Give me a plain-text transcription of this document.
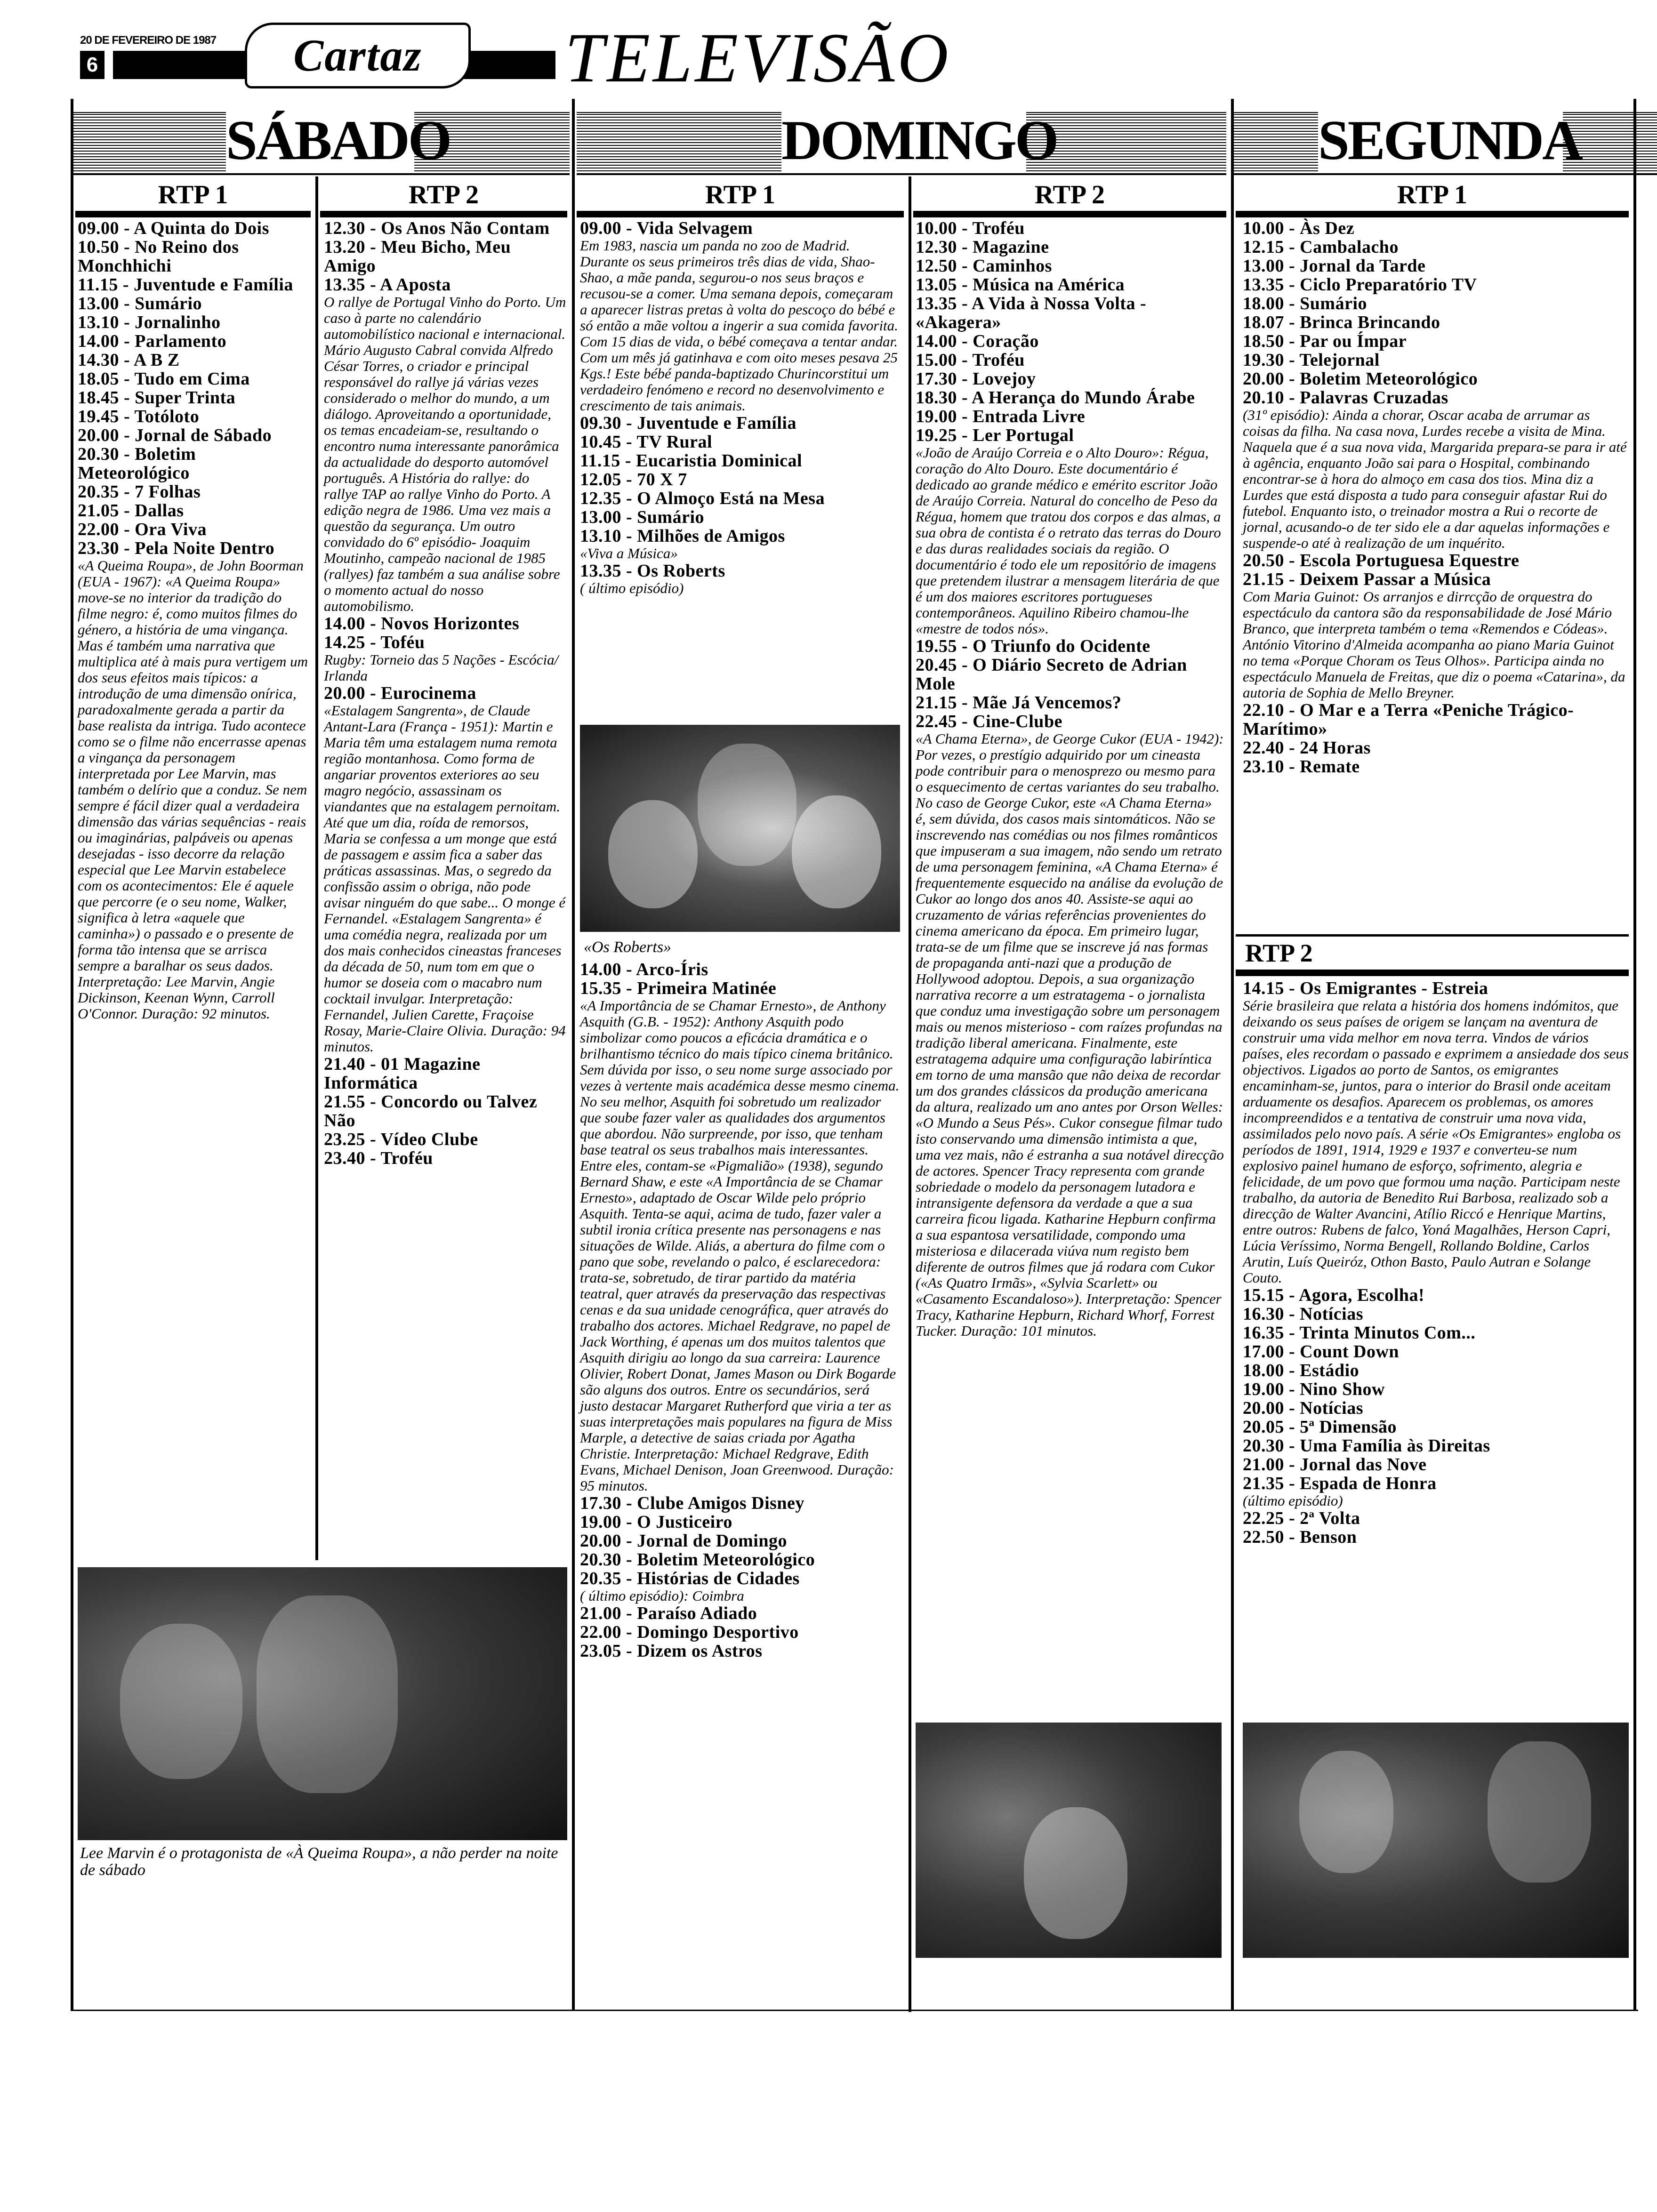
20 DE FEVEREIRO DE 1987
6	Cartaz	TELEVISÃO
SÁBADO	DOMINGO	SEGUNDA
RTP 1	RTP 2	RTP 1	RTP 2	RTP 1

09.00 - A Quinta do Dois

10.50 - No Reino dos Monchhichi

11.15 - Juventude e Família

13.00 - Sumário

13.10 - Jornalinho

14.00 - Parlamento

14.30 - A B Z

18.05 - Tudo em Cima

18.45 - Super Trinta

19.45 - Totóloto

20.00 - Jornal de Sábado

20.30 - Boletim Meteorológico

20.35 - 7 Folhas

21.05 - Dallas

22.00 - Ora Viva

23.30 - Pela Noite Dentro

«A Queima Roupa», de John Boorman (EUA - 1967): «A Queima Roupa» move-se no interior da tradição do filme negro: é, como muitos filmes do género, a história de uma vingança. Mas é também uma narrativa que multiplica até à mais pura vertigem um dos seus efeitos mais típicos: a introdução de uma dimensão onírica, paradoxalmente gerada a partir da base realista da intriga. Tudo acontece como se o filme não encerrasse apenas a vingança da personagem interpretada por Lee Marvin, mas também o delírio que a conduz. Se nem sempre é fácil dizer qual a verdadeira dimensão das várias sequências - reais ou imaginárias, palpáveis ou apenas desejadas - isso decorre da relação especial que Lee Marvin estabelece com os acontecimentos: Ele é aquele que percorre (e o seu nome, Walker, significa à letra «aquele que caminha») o passado e o presente de forma tão intensa que se arrisca sempre a baralhar os seus dados. Interpretação: Lee Marvin, Angie Dickinson, Keenan Wynn, Carroll O'Connor. Duração: 92 minutos.

12.30 - Os Anos Não Contam

13.20 - Meu Bicho, Meu Amigo

13.35 - A Aposta

O rallye de Portugal Vinho do Porto. Um caso à parte no calendário automobilístico nacional e internacional. Mário Augusto Cabral convida Alfredo César Torres, o criador e principal responsável do rallye já várias vezes considerado o melhor do mundo, a um diálogo. Aproveitando a oportunidade, os temas encadeiam-se, resultando o encontro numa interessante panorâmica da actualidade do desporto automóvel português. A História do rallye: do rallye TAP ao rallye Vinho do Porto. A edição negra de 1986. Uma vez mais a questão da segurança. Um outro convidado do 6º episódio- Joaquim Moutinho, campeão nacional de 1985 (rallyes) faz também a sua análise sobre o momento actual do nosso automobilismo.

14.00 - Novos Horizontes

14.25 - Toféu

Rugby: Torneio das 5 Nações - Escócia/ Irlanda

20.00 - Eurocinema

«Estalagem Sangrenta», de Claude Antant-Lara (França - 1951): Martin e Maria têm uma estalagem numa remota região montanhosa. Como forma de angariar proventos exteriores ao seu magro negócio, assassinam os viandantes que na estalagem pernoitam. Até que um dia, roída de remorsos, Maria se confessa a um monge que está de passagem e assim fica a saber das práticas assassinas. Mas, o segredo da confissão assim o obriga, não pode avisar ninguém do que sabe... O monge é Fernandel. «Estalagem Sangrenta» é uma comédia negra, realizada por um dos mais conhecidos cineastas franceses da década de 50, num tom em que o humor se doseia com o macabro num cocktail invulgar. Interpretação: Fernandel, Julien Carette, Fraçoise Rosay, Marie-Claire Olivia. Duração: 94 minutos.

21.40 - 01 Magazine Informática

21.55 - Concordo ou Talvez Não

23.25 - Vídeo Clube

23.40 - Troféu

Lee Marvin é o protagonista de «À Queima Roupa», a não perder na noite de sábado

09.00 - Vida Selvagem

Em 1983, nascia um panda no zoo de Madrid. Durante os seus primeiros três dias de vida, Shao-Shao, a mãe panda, segurou-o nos seus braços e recusou-se a comer. Uma semana depois, começaram a aparecer listras pretas à volta do pescoço do bébé e só então a mãe voltou a ingerir a sua comida favorita. Com 15 dias de vida, o bébé começava a tentar andar. Com um mês já gatinhava e com oito meses pesava 25 Kgs.! Este bébé panda-baptizado Churincorstitui um verdadeiro fenómeno e record no desenvolvimento e crescimento de tais animais.

09.30 - Juventude e Família

10.45 - TV Rural

11.15 - Eucaristia Dominical

12.05 - 70 X 7

12.35 - O Almoço Está na Mesa

13.00 - Sumário

13.10 - Milhões de Amigos

«Viva a Música»

13.35 - Os Roberts

( último episódio)

«Os Roberts»

14.00 - Arco-Íris

15.35 - Primeira Matinée

«A Importância de se Chamar Ernesto», de Anthony Asquith (G.B. - 1952): Anthony Asquith podo simbolizar como poucos a eficácia dramática e o brilhantismo técnico do mais típico cinema britânico. Sem dúvida por isso, o seu nome surge associado por vezes à vertente mais académica desse mesmo cinema. No seu melhor, Asquith foi sobretudo um realizador que soube fazer valer as qualidades dos argumentos que abordou. Não surpreende, por isso, que tenham base teatral os seus trabalhos mais interessantes. Entre eles, contam-se «Pigmalião» (1938), segundo Bernard Shaw, e este «A Importância de se Chamar Ernesto», adaptado de Oscar Wilde pelo próprio Asquith. Tenta-se aqui, acima de tudo, fazer valer a subtil ironia crítica presente nas personagens e nas situações de Wilde. Aliás, a abertura do filme com o pano que sobe, revelando o palco, é esclarecedora: trata-se, sobretudo, de tirar partido da matéria teatral, quer através da preservação das respectivas cenas e da sua unidade cenográfica, quer através do trabalho dos actores. Michael Redgrave, no papel de Jack Worthing, é apenas um dos muitos talentos que Asquith dirigiu ao longo da sua carreira: Laurence Olivier, Robert Donat, James Mason ou Dirk Bogarde são alguns dos outros. Entre os secundários, será justo destacar Margaret Rutherford que viria a ter as suas interpretações mais populares na figura de Miss Marple, a detective de saias criada por Agatha Christie. Interpretação: Michael Redgrave, Edith Evans, Michael Denison, Joan Greenwood. Duração: 95 minutos.

17.30 - Clube Amigos Disney

19.00 - O Justiceiro

20.00 - Jornal de Domingo

20.30 - Boletim Meteorológico

20.35 - Histórias de Cidades

( último episódio): Coimbra

21.00 - Paraíso Adiado

22.00 - Domingo Desportivo

23.05 - Dizem os Astros

10.00 - Troféu

12.30 - Magazine

12.50 - Caminhos

13.05 - Música na América

13.35 - A Vida à Nossa Volta - «Akagera»

14.00 - Coração

15.00 - Troféu

17.30 - Lovejoy

18.30 - A Herança do Mundo Árabe

19.00 - Entrada Livre

19.25 - Ler Portugal

«João de Araújo Correia e o Alto Douro»: Régua, coração do Alto Douro. Este documentário é dedicado ao grande médico e emérito escritor João de Araújo Correia. Natural do concelho de Peso da Régua, homem que tratou dos corpos e das almas, a sua obra de contista é o retrato das terras do Douro e das duras realidades sociais da região. O documentário é todo ele um repositório de imagens que pretendem ilustrar a mensagem literária de que é um dos maiores escritores portugueses contemporâneos. Aquilino Ribeiro chamou-lhe «mestre de todos nós».

19.55 - O Triunfo do Ocidente

20.45 - O Diário Secreto de Adrian Mole

21.15 - Mãe Já Vencemos?

22.45 - Cine-Clube

«A Chama Eterna», de George Cukor (EUA - 1942): Por vezes, o prestígio adquirido por um cineasta pode contribuir para o menosprezo ou mesmo para o esquecimento de certas variantes do seu trabalho. No caso de George Cukor, este «A Chama Eterna» é, sem dúvida, dos casos mais sintomáticos. Não se inscrevendo nas comédias ou nos filmes românticos que impuseram a sua imagem, não sendo um retrato de uma personagem feminina, «A Chama Eterna» é frequentemente esquecido na análise da evolução de Cukor ao longo dos anos 40. Assiste-se aqui ao cruzamento de várias referências provenientes do cinema americano da época. Em primeiro lugar, trata-se de um filme que se inscreve já nas formas de propaganda anti-nazi que a produção de Hollywood adoptou. Depois, a sua organização narrativa recorre a um estratagema - o jornalista que conduz uma investigação sobre um personagem mais ou menos misterioso - com raízes profundas na tradição liberal americana. Finalmente, este estratagema adquire uma configuração labiríntica em torno de uma mansão que não deixa de recordar um dos grandes clássicos da produção americana da altura, realizado um ano antes por Orson Welles: «O Mundo a Seus Pés». Cukor consegue filmar tudo isto conservando uma dimensão intimista a que, uma vez mais, não é estranha a sua notável direcção de actores. Spencer Tracy representa com grande sobriedade o modelo da personagem lutadora e intransigente defensora da verdade a que a sua carreira ficou ligada. Katharine Hepburn confirma a sua espantosa versatilidade, compondo uma misteriosa e dilacerada viúva num registo bem diferente de outros filmes que já rodara com Cukor («As Quatro Irmãs», «Sylvia Scarlett» ou «Casamento Escandaloso»). Interpretação: Spencer Tracy, Katharine Hepburn, Richard Whorf, Forrest Tucker. Duração: 101 minutos.

10.00 - Às Dez

12.15 - Cambalacho

13.00 - Jornal da Tarde

13.35 - Ciclo Preparatório TV

18.00 - Sumário

18.07 - Brinca Brincando

18.50 - Par ou Ímpar

19.30 - Telejornal

20.00 - Boletim Meteorológico

20.10 - Palavras Cruzadas

(31º episódio): Ainda a chorar, Oscar acaba de arrumar as coisas da filha. Na casa nova, Lurdes recebe a visita de Mina. Naquela que é a sua nova vida, Margarida prepara-se para ir até à agência, enquanto João sai para o Hospital, combinando encontrar-se à hora do almoço em casa dos tios. Mina diz a Lurdes que está disposta a tudo para conseguir afastar Rui do futebol. Enquanto isto, o treinador mostra a Rui o recorte de jornal, acusando-o de ter sido ele a dar aquelas informações e suspende-o até à realização de um inquérito.

20.50 - Escola Portuguesa Equestre

21.15 - Deixem Passar a Música

Com Maria Guinot: Os arranjos e dirrcção de orquestra do espectáculo da cantora são da responsabilidade de José Mário Branco, que interpreta também o tema «Remendos e Códeas». António Vitorino d'Almeida acompanha ao piano Maria Guinot no tema «Porque Choram os Teus Olhos». Participa ainda no espectáculo Manuela de Freitas, que diz o poema «Catarina», da autoria de Sophia de Mello Breyner.

22.10 - O Mar e a Terra «Peniche Trágico-Marítimo»

22.40 - 24 Horas

23.10 - Remate

RTP 2

14.15 - Os Emigrantes - Estreia

Série brasileira que relata a história dos homens indómitos, que deixando os seus países de origem se lançam na aventura de construir uma vida melhor em nova terra. Vindos de vários países, eles recordam o passado e exprimem a ansiedade dos seus objectivos. Ligados ao porto de Santos, os emigrantes encaminham-se, juntos, para o interior do Brasil onde aceitam arduamente os desafios. Aparecem os problemas, os amores incompreendidos e a tentativa de construir uma nova vida, assimilados pelo novo país. A série «Os Emigrantes» engloba os períodos de 1891, 1914, 1929 e 1937 e converteu-se num explosivo painel humano de esforço, sofrimento, alegria e felicidade, de um povo que formou uma nação. Participam neste trabalho, da autoria de Benedito Rui Barbosa, realizado sob a direcção de Walter Avancini, Atílio Riccó e Henrique Martins, entre outros: Rubens de falco, Yoná Magalhães, Herson Capri, Lúcia Veríssimo, Norma Bengell, Rollando Boldine, Carlos Arutin, Luís Queiróz, Othon Basto, Paulo Autran e Solange Couto.

15.15 - Agora, Escolha!

16.30 - Notícias

16.35 - Trinta Minutos Com...

17.00 - Count Down

18.00 - Estádio

19.00 - Nino Show

20.00 - Notícias

20.05 - 5ª Dimensão

20.30 - Uma Família às Direitas

21.00 - Jornal das Nove

21.35 - Espada de Honra

(último episódio)

22.25 - 2ª Volta

22.50 - Benson
